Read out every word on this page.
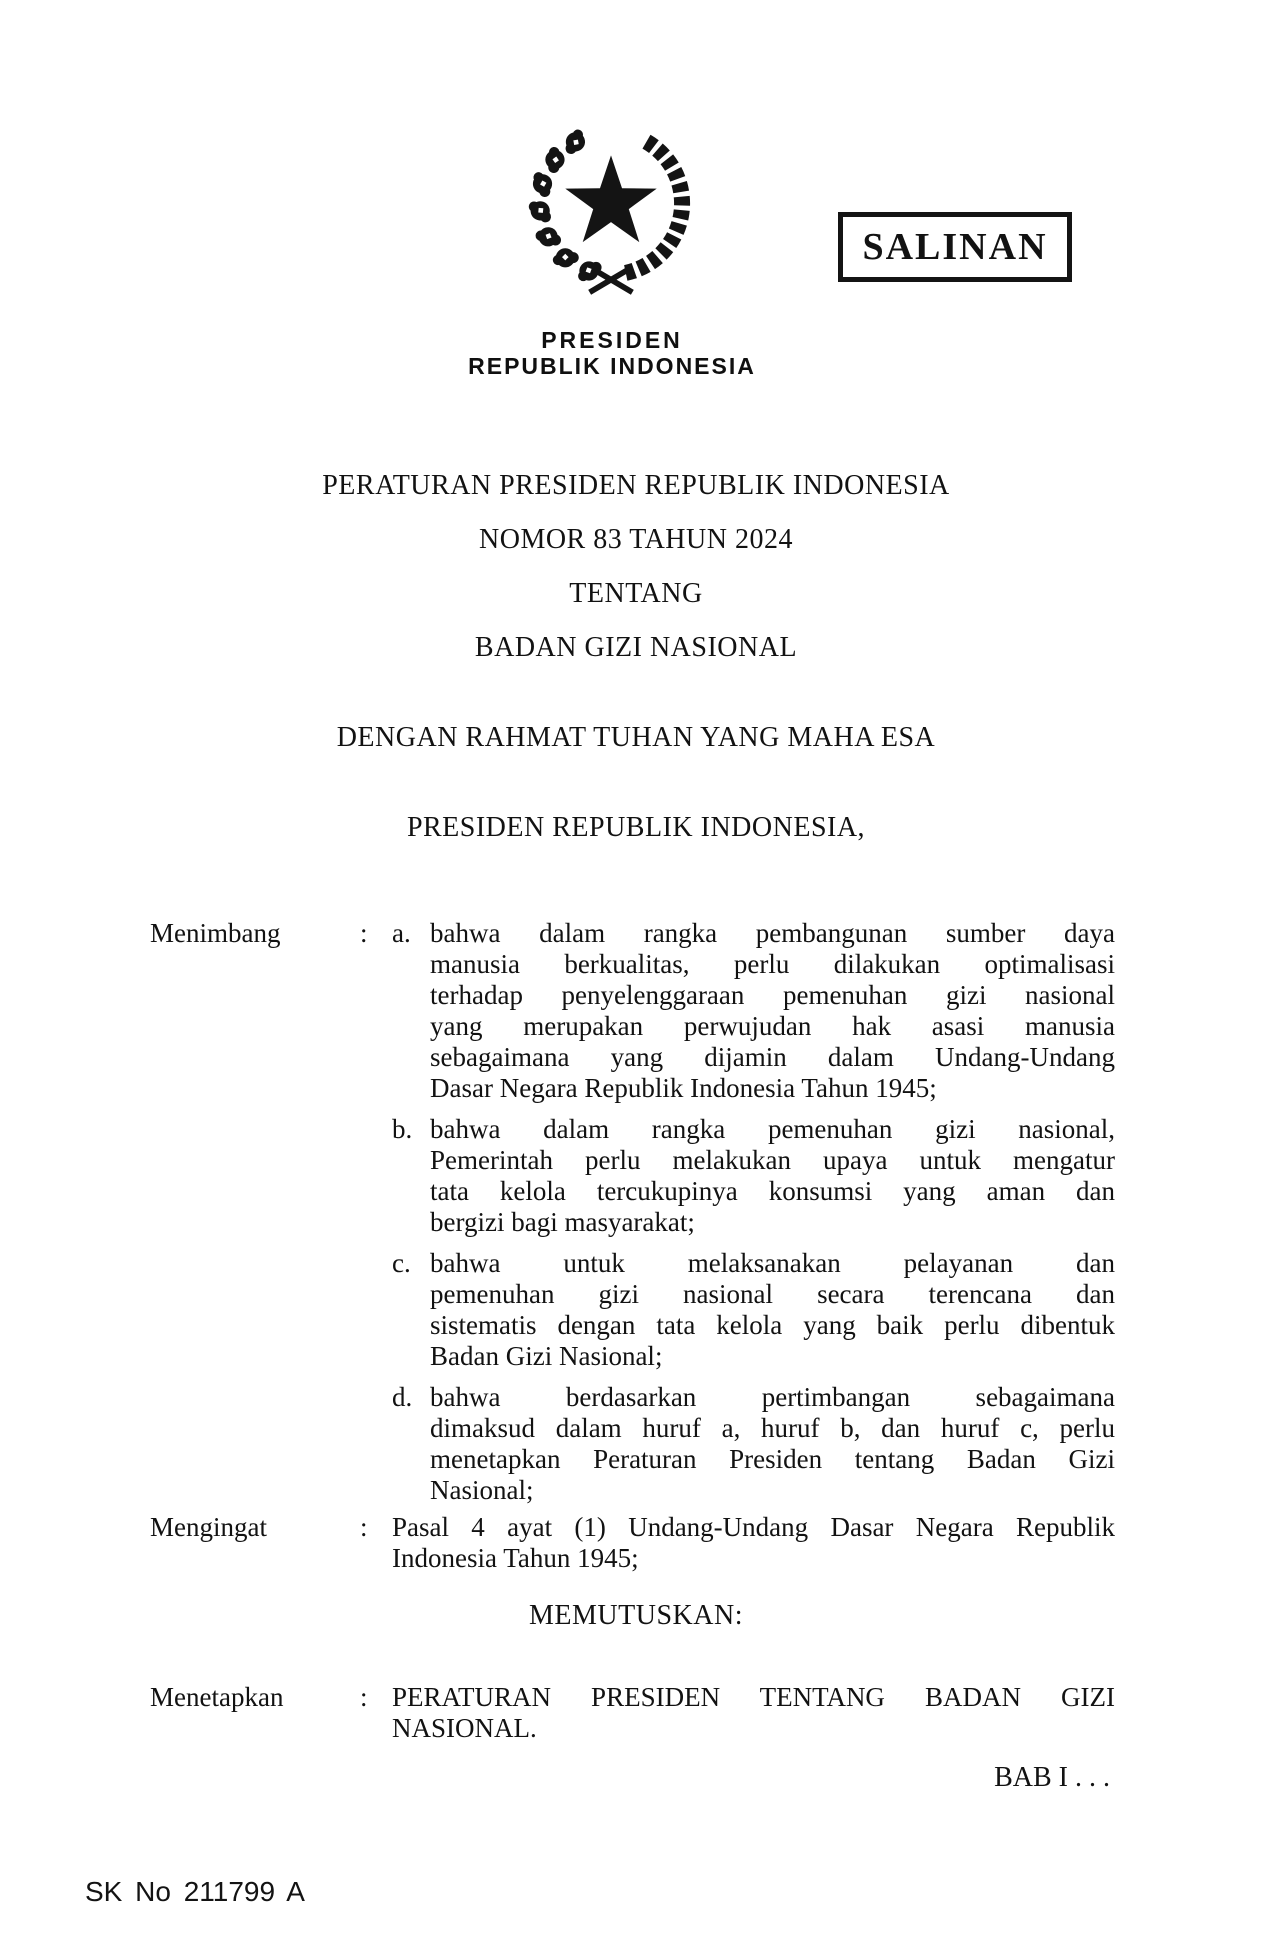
SALINAN
PRESIDEN
REPUBLIK INDONESIA
PERATURAN PRESIDEN REPUBLIK INDONESIA
NOMOR 83 TAHUN 2024
TENTANG
BADAN GIZI NASIONAL
DENGAN RAHMAT TUHAN YANG MAHA ESA
PRESIDEN REPUBLIK INDONESIA,
Menimbang	: a. bahwa dalam rangka pembangunan sumber daya
manusia berkualitas, perlu dilakukan optimalisasi
terhadap penyelenggaraan pemenuhan gizi nasional
yang merupakan perwujudan hak asasi manusia
sebagaimana yang dijamin dalam Undang-Undang
Dasar Negara Republik Indonesia Tahun 1945;
b. bahwa dalam rangka pemenuhan gizi nasional,
Pemerintah perlu melakukan upaya untuk mengatur
tata kelola tercukupinya konsumsi yang aman dan
bergizi bagi masyarakat;
c. bahwa untuk melaksanakan pelayanan dan
pemenuhan gizi nasional secara terencana dan
sistematis dengan tata kelola yang baik perlu dibentuk
Badan Gizi Nasional;
d. bahwa berdasarkan pertimbangan sebagaimana
dimaksud dalam huruf a, huruf b, dan huruf c, perlu
menetapkan Peraturan Presiden tentang Badan Gizi
Nasional;
Mengingat	: Pasal 4 ayat (1) Undang-Undang Dasar Negara Republik
Indonesia Tahun 1945;
MEMUTUSKAN:
Menetapkan	: PERATURAN PRESIDEN TENTANG BADAN GIZI
NASIONAL.
BAB I . . .
SK No 211799 A
